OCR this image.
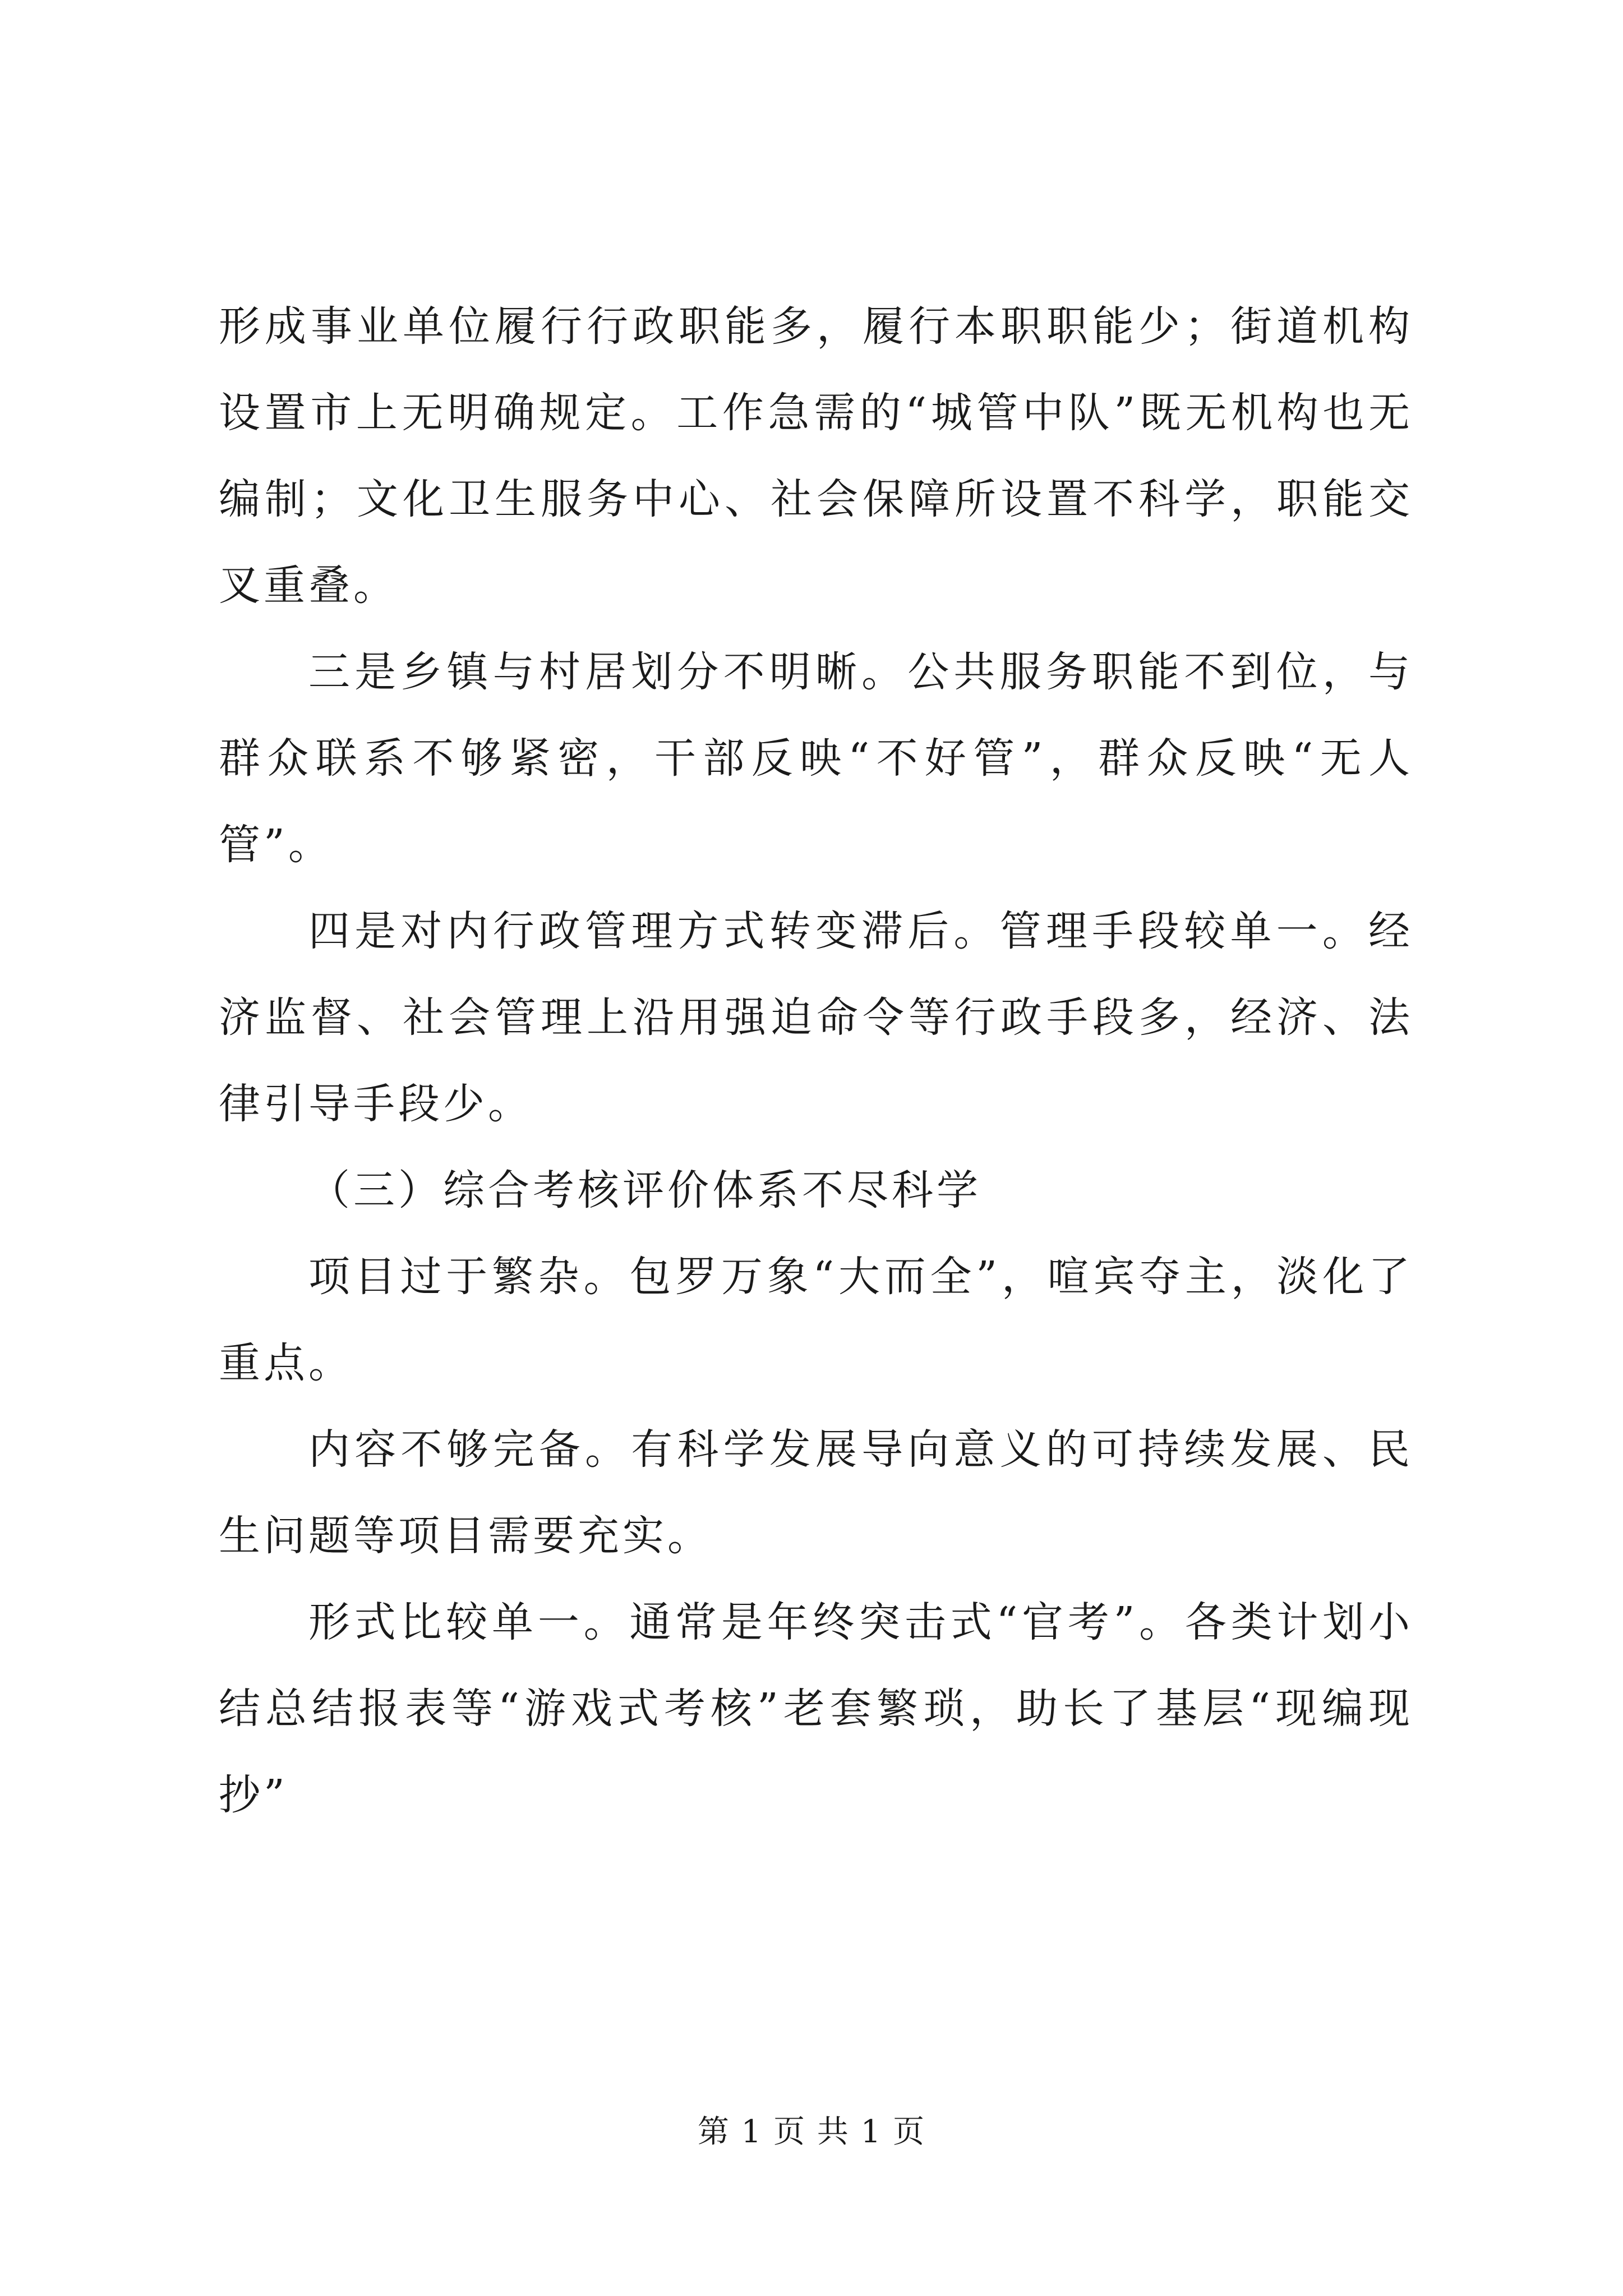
形成事业单位履行行政职能多，履行本职职能少；街道机构设置市上无明确规定。工作急需的“城管中队”既无机构也无编制；文化卫生服务中心、社会保障所设置不科学，职能交叉重叠。

三是乡镇与村居划分不明晰。公共服务职能不到位，与群众联系不够紧密，干部反映“不好管”，群众反映“无人管”。

四是对内行政管理方式转变滞后。管理手段较单一。经济监督、社会管理上沿用强迫命令等行政手段多，经济、法律引导手段少。

（三）综合考核评价体系不尽科学

项目过于繁杂。包罗万象“大而全”，喧宾夺主，淡化了重点。

内容不够完备。有科学发展导向意义的可持续发展、民生问题等项目需要充实。

形式比较单一。通常是年终突击式“官考”。各类计划小结总结报表等“游戏式考核”老套繁琐，助长了基层“现编现抄”

第 1 页 共 1 页
